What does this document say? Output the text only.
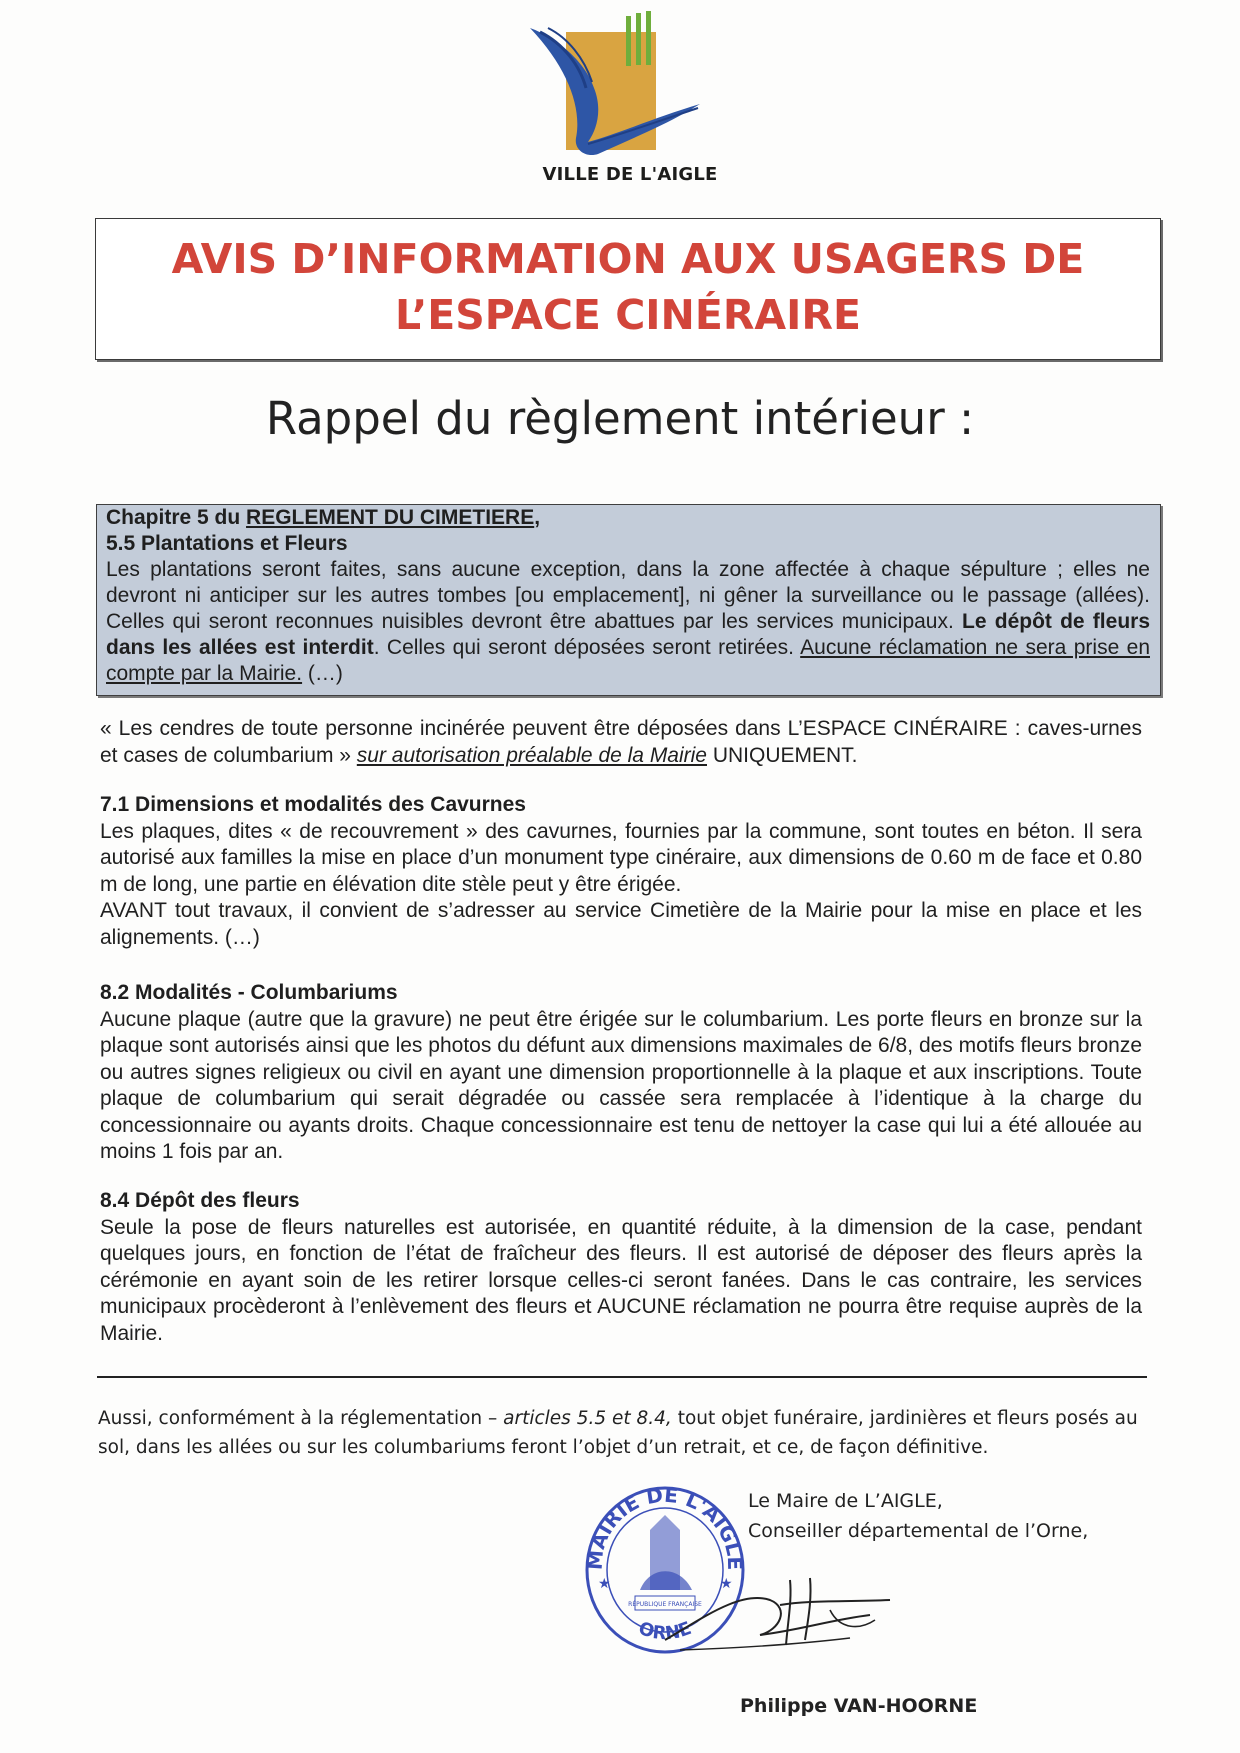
VILLE DE L'AIGLE
AVIS D’INFORMATION AUX USAGERS DE
L’ESPACE CINÉRAIRE
Rappel du règlement intérieur :
Chapitre 5 du REGLEMENT DU CIMETIERE,
5.5 Plantations et Fleurs
Les plantations seront faites, sans aucune exception, dans la zone affectée à chaque sépulture ; elles ne devront ni anticiper sur les autres tombes [ou emplacement], ni gêner la surveillance ou le passage (allées). Celles qui seront reconnues nuisibles devront être abattues par les services municipaux. Le dépôt de fleurs dans les allées est interdit. Celles qui seront déposées seront retirées. Aucune réclamation ne sera prise en compte par la Mairie. (…)
« Les cendres de toute personne incinérée peuvent être déposées dans L’ESPACE CINÉRAIRE : caves-urnes et cases de columbarium » sur autorisation préalable de la Mairie UNIQUEMENT.
7.1 Dimensions et modalités des Cavurnes
Les plaques, dites « de recouvrement » des cavurnes, fournies par la commune, sont toutes en béton. Il sera autorisé aux familles la mise en place d’un monument type cinéraire, aux dimensions de 0.60 m de face et 0.80 m de long, une partie en élévation dite stèle peut y être érigée.
AVANT tout travaux, il convient de s’adresser au service Cimetière de la Mairie pour la mise en place et les alignements. (…)
8.2 Modalités - Columbariums
Aucune plaque (autre que la gravure) ne peut être érigée sur le columbarium. Les porte fleurs en bronze sur la plaque sont autorisés ainsi que les photos du défunt aux dimensions maximales de 6/8, des motifs fleurs bronze ou autres signes religieux ou civil en ayant une dimension proportionnelle à la plaque et aux inscriptions. Toute plaque de columbarium qui serait dégradée ou cassée sera remplacée à l’identique à la charge du concessionnaire ou ayants droits. Chaque concessionnaire est tenu de nettoyer la case qui lui a été allouée au moins 1 fois par an.
8.4 Dépôt des fleurs
Seule la pose de fleurs naturelles est autorisée, en quantité réduite, à la dimension de la case, pendant quelques jours, en fonction de l’état de fraîcheur des fleurs. Il est autorisé de déposer des fleurs après la cérémonie en ayant soin de les retirer lorsque celles-ci seront fanées. Dans le cas contraire, les services municipaux procèderont à l’enlèvement des fleurs et AUCUNE réclamation ne pourra être requise auprès de la Mairie.
Aussi, conformément à la réglementation – articles 5.5 et 8.4, tout objet funéraire, jardinières et fleurs posés au sol, dans les allées ou sur les columbariums feront l’objet d’un retrait, et ce, de façon définitive.
MAIRIE DE L'AIGLE
ORNE
★	★
RÉPUBLIQUE FRANÇAISE
Le Maire de L’AIGLE,
Conseiller départemental de l’Orne,
Philippe VAN-HOORNE
